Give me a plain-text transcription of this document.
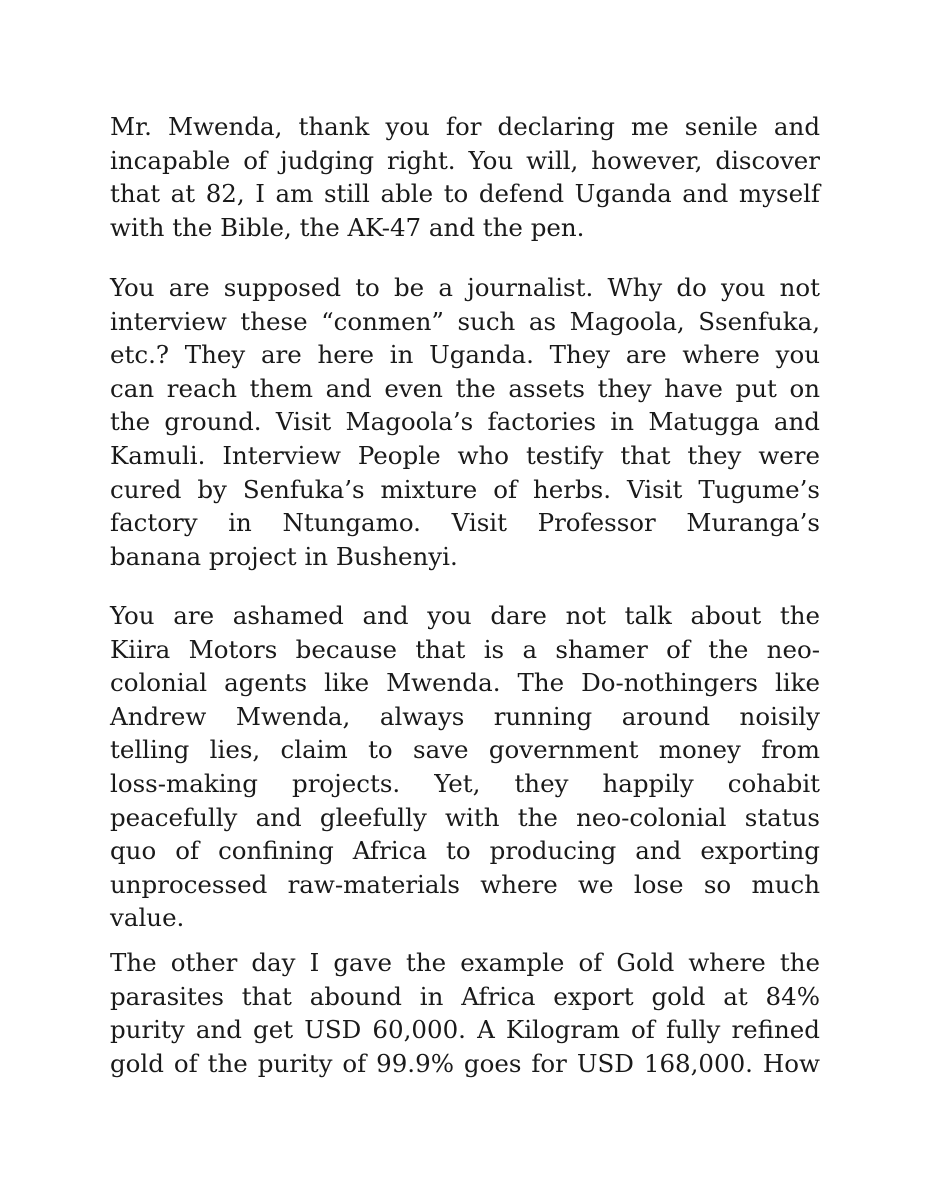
Mr. Mwenda, thank you for declaring me senile and
incapable of judging right. You will, however, discover
that at 82, I am still able to defend Uganda and myself
with the Bible, the AK-47 and the pen.
You are supposed to be a journalist. Why do you not
interview these “conmen” such as Magoola, Ssenfuka,
etc.? They are here in Uganda. They are where you
can reach them and even the assets they have put on
the ground. Visit Magoola’s factories in Matugga and
Kamuli. Interview People who testify that they were
cured by Senfuka’s mixture of herbs. Visit Tugume’s
factory in Ntungamo. Visit Professor Muranga’s
banana project in Bushenyi.
You are ashamed and you dare not talk about the
Kiira Motors because that is a shamer of the neo-
colonial agents like Mwenda. The Do-nothingers like
Andrew Mwenda, always running around noisily
telling lies, claim to save government money from
loss-making projects. Yet, they happily cohabit
peacefully and gleefully with the neo-colonial status
quo of confining Africa to producing and exporting
unprocessed raw-materials where we lose so much
value.
The other day I gave the example of Gold where the
parasites that abound in Africa export gold at 84%
purity and get USD 60,000. A Kilogram of fully refined
gold of the purity of 99.9% goes for USD 168,000. How
